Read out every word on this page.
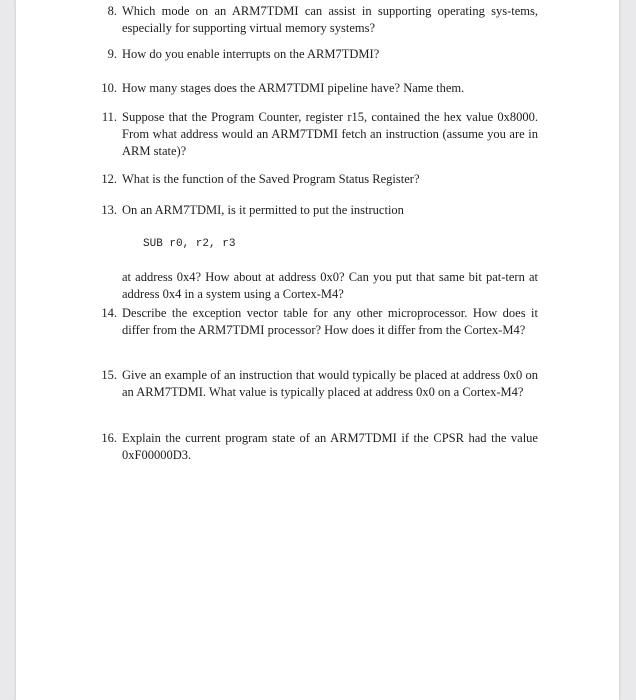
8. Which mode on an ARM7TDMI can assist in supporting operating sys-tems, especially for supporting virtual memory systems?

9. How do you enable interrupts on the ARM7TDMI?

10. How many stages does the ARM7TDMI pipeline have? Name them.

11. Suppose that the Program Counter, register r15, contained the hex value 0x8000. From what address would an ARM7TDMI fetch an instruction (assume you are in ARM state)?

12. What is the function of the Saved Program Status Register?

13. On an ARM7TDMI, is it permitted to put the instruction

SUB r0, r2, r3

at address 0x4? How about at address 0x0? Can you put that same bit pat-tern at address 0x4 in a system using a Cortex-M4?

14. Describe the exception vector table for any other microprocessor. How does it differ from the ARM7TDMI processor? How does it differ from the Cortex-M4?

15. Give an example of an instruction that would typically be placed at address 0x0 on an ARM7TDMI. What value is typically placed at address 0x0 on a Cortex-M4?

16. Explain the current program state of an ARM7TDMI if the CPSR had the value 0xF00000D3.
